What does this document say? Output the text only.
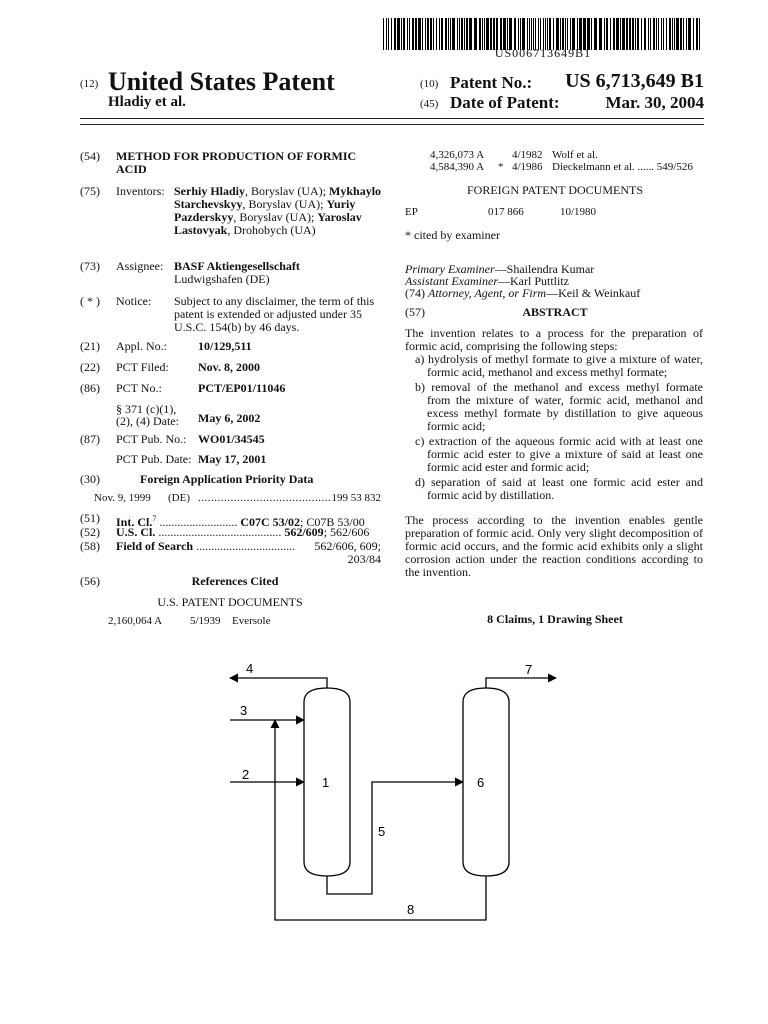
US006713649B1
(12) United States Patent
Hladiy et al.
(10) Patent No.:	US 6,713,649 B1
(45) Date of Patent:	Mar. 30, 2004
(54) METHOD FOR PRODUCTION OF FORMIC ACID
(75) Inventors: Serhiy Hladiy, Boryslav (UA); Mykhaylo Starchevskyy, Boryslav (UA); Yuriy Pazderskyy, Boryslav (UA); Yaroslav Lastovyak, Drohobych (UA)
(73) Assignee: BASF Aktiengesellschaft
Ludwigshafen (DE)
( * ) Notice: Subject to any disclaimer, the term of this patent is extended or adjusted under 35 U.S.C. 154(b) by 46 days.
(21) Appl. No.:	10/129,511
(22) PCT Filed: Nov. 8, 2000
(86) PCT No.:	PCT/EP01/11046
§ 371 (c)(1),
(2), (4) Date: May 6, 2002
(87) PCT Pub. No.: WO01/34545
PCT Pub. Date: May 17, 2001
(30)	Foreign Application Priority Data
Nov. 9, 1999 (DE) ......................................... 199 53 832
(51) Int. Cl.$^7$ .......................... C07C 53/02; C07B 53/00
(52) U.S. Cl. ......................................... 562/609; 562/606
(58) Field of Search .................................	562/606, 609;
203/84
(56)	References Cited
U.S. PATENT DOCUMENTS
2,160,064 A	5/1939 Eversole
4,326,073 A	4/1982 Wolf et al.
4,584,390 A * 4/1986 Dieckelmann et al. ...... 549/526
FOREIGN PATENT DOCUMENTS
EP	017 866	10/1980
* cited by examiner
Primary Examiner—Shailendra Kumar
Assistant Examiner—Karl Puttlitz
(74) Attorney, Agent, or Firm—Keil & Weinkauf
(57)	ABSTRACT

The invention relates to a process for the preparation of formic acid, comprising the following steps:

a) hydrolysis of methyl formate to give a mixture of water, formic acid, methanol and excess methyl formate;
b) removal of the methanol and excess methyl formate from the mixture of water, formic acid, methanol and excess methyl formate by distillation to give aqueous formic acid;
c) extraction of the aqueous formic acid with at least one formic acid ester to give a mixture of said at least one formic acid ester and formic acid;
d) separation of said at least one formic acid ester and formic acid by distillation.

The process according to the invention enables gentle preparation of formic acid. Only very slight decomposition of formic acid occurs, and the formic acid exhibits only a slight corrosion action under the reaction conditions according to the invention.

8 Claims, 1 Drawing Sheet
4
3
2
1	6
5
7
8
